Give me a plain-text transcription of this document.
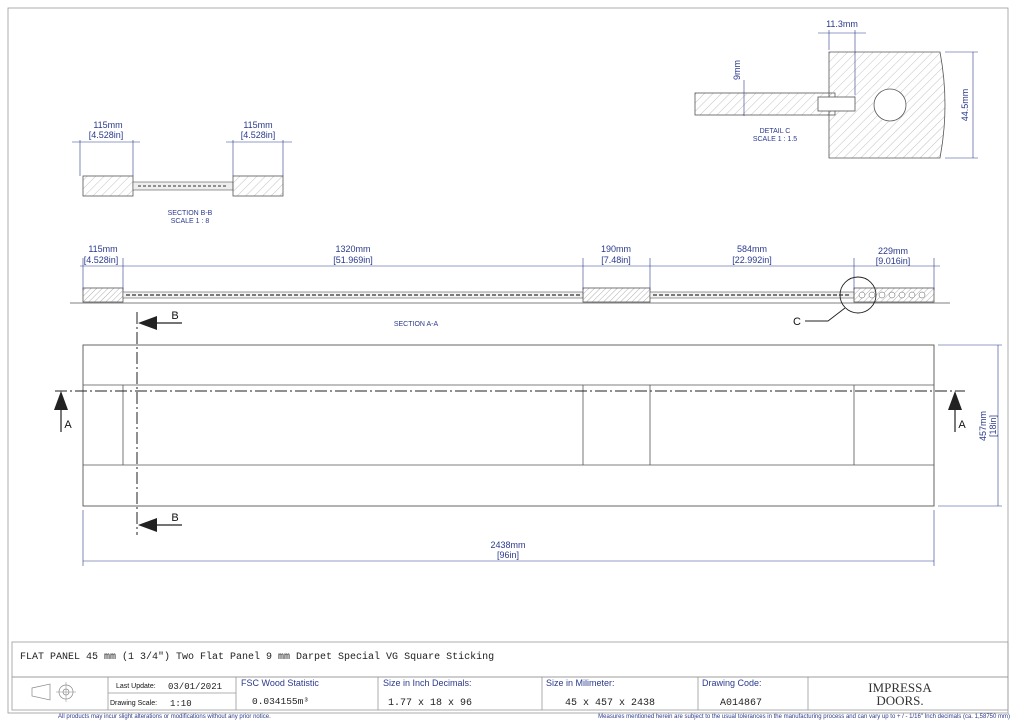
11.3mm
9mm
44.5mm
DETAIL C
SCALE 1 : 1.5
115mm
[4.528in]
115mm
[4.528in]
SECTION B-B
SCALE 1 : 8
C
115mm
[4.528in]
1320mm
[51.969in]
190mm
[7.48in]
584mm
[22.992in]
229mm
[9.016in]
SECTION A-A
A	A
B
B
2438mm
[96in]
457mm [18in]
FLAT PANEL 45 mm (1 3/4") Two Flat Panel 9 mm Darpet Special VG Square Sticking
Last Update: 03/01/2021
Drawing Scale: 1:10
FSC Wood Statistic
0.034155m³
Size in Inch Decimals:
1.77 x 18 x 96
Size in Milimeter:
45 x 457 x 2438
Drawing Code:
A014867
IMPRESSA
DOORS.
All products may incur slight alterations or modifications without any prior notice.	Measures mentioned herein are subject to the usual tolerances in the manufacturing process and can vary up to + / - 1/16" Inch decimals (ca. 1,58750 mm)
